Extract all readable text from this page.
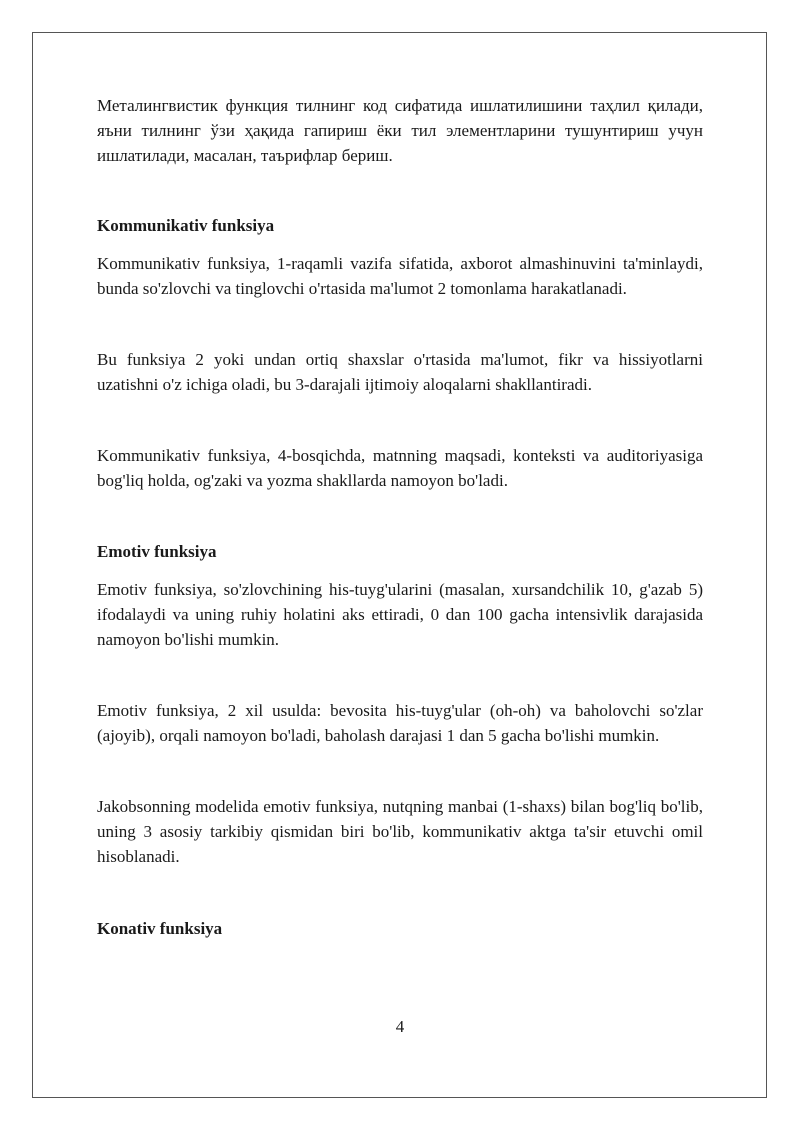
Металингвистик функция тилнинг код сифатида ишлатилишини таҳлил қилади, яъни тилнинг ўзи ҳақида гапириш ёки тил элементларини тушунтириш учун ишлатилади, масалан, таърифлар бериш.

Kommunikativ funksiya

Kommunikativ funksiya, 1-raqamli vazifa sifatida, axborot almashinuvini ta'minlaydi, bunda so'zlovchi va tinglovchi o'rtasida ma'lumot 2 tomonlama harakatlanadi.

Bu funksiya 2 yoki undan ortiq shaxslar o'rtasida ma'lumot, fikr va hissiyotlarni uzatishni o'z ichiga oladi, bu 3-darajali ijtimoiy aloqalarni shakllantiradi.

Kommunikativ funksiya, 4-bosqichda, matnning maqsadi, konteksti va auditoriyasiga bog'liq holda, og'zaki va yozma shakllarda namoyon bo'ladi.

Emotiv funksiya

Emotiv funksiya, so'zlovchining his-tuyg'ularini (masalan, xursandchilik 10, g'azab 5) ifodalaydi va uning ruhiy holatini aks ettiradi, 0 dan 100 gacha intensivlik darajasida namoyon bo'lishi mumkin.

Emotiv funksiya, 2 xil usulda: bevosita his-tuyg'ular (oh-oh) va baholovchi so'zlar (ajoyib), orqali namoyon bo'ladi, baholash darajasi 1 dan 5 gacha bo'lishi mumkin.

Jakobsonning modelida emotiv funksiya, nutqning manbai (1-shaxs) bilan bog'liq bo'lib, uning 3 asosiy tarkibiy qismidan biri bo'lib, kommunikativ aktga ta'sir etuvchi omil hisoblanadi.

Konativ funksiya
4
